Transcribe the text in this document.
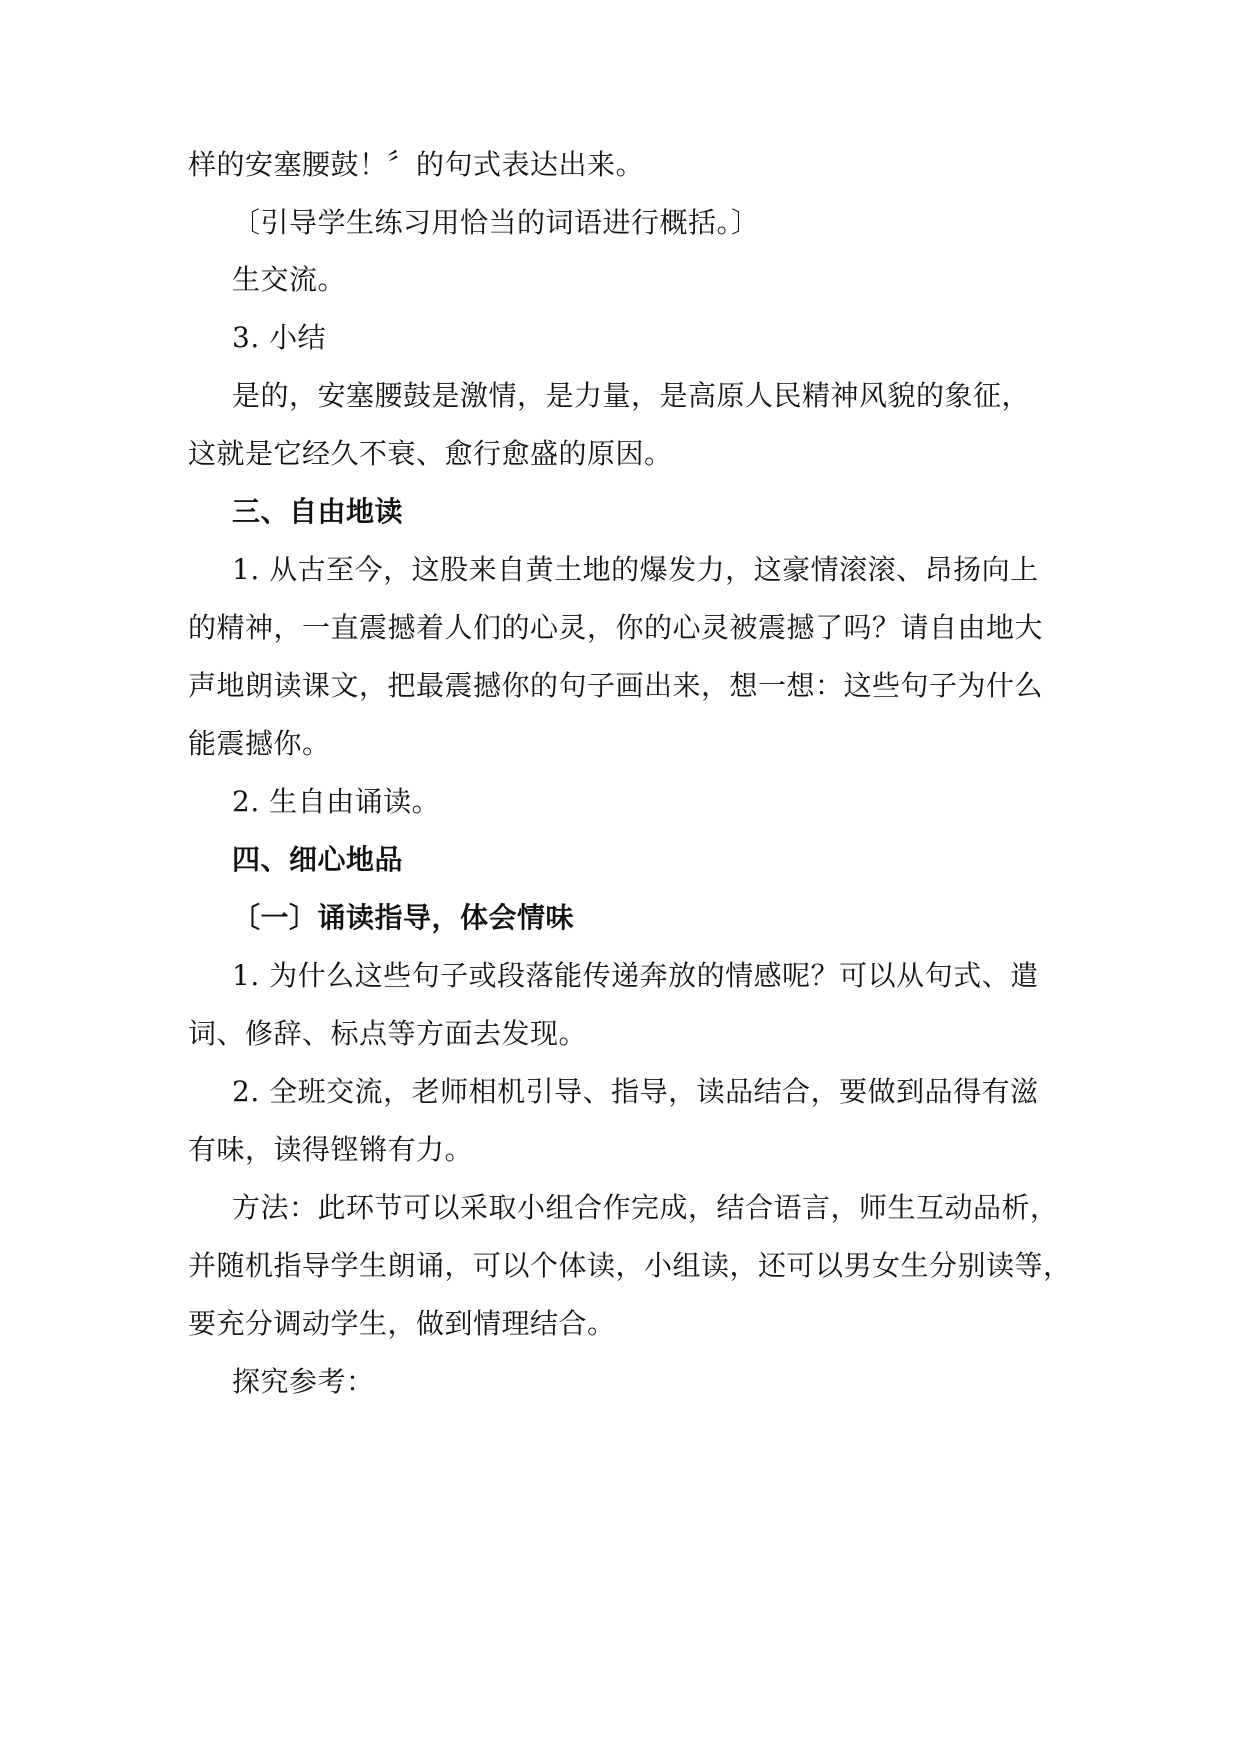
样的安塞腰鼓！〞的句式表达出来。
〔引导学生练习用恰当的词语进行概括。〕
生交流。
3. 小结
是的，安塞腰鼓是激情，是力量，是高原人民精神风貌的象征，
这就是它经久不衰、愈行愈盛的原因。
三、自由地读
1. 从古至今，这股来自黄土地的爆发力，这豪情滚滚、昂扬向上
的精神，一直震撼着人们的心灵，你的心灵被震撼了吗？请自由地大
声地朗读课文，把最震撼你的句子画出来，想一想：这些句子为什么
能震撼你。
2. 生自由诵读。
四、细心地品
〔一〕诵读指导，体会情味
1. 为什么这些句子或段落能传递奔放的情感呢？可以从句式、遣
词、修辞、标点等方面去发现。
2. 全班交流，老师相机引导、指导，读品结合，要做到品得有滋
有味，读得铿锵有力。
方法：此环节可以采取小组合作完成，结合语言，师生互动品析，
并随机指导学生朗诵，可以个体读，小组读，还可以男女生分别读等，
要充分调动学生，做到情理结合。
探究参考：
